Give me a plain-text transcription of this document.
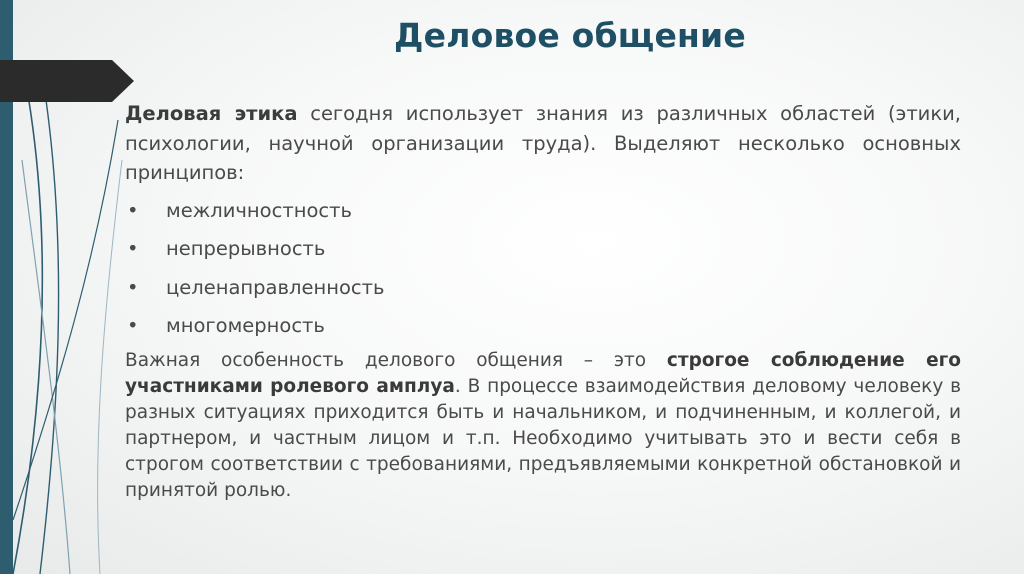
Деловое общение

Деловая этика сегодня использует знания из различных областей (этики, психологии, научной организации труда). Выделяют несколько основных принципов:

• межличностность
• непрерывность
• целенаправленность
• многомерность

Важная особенность делового общения – это строгое соблюдение его участниками ролевого амплуа. В процессе взаимодействия деловому человеку в разных ситуациях приходится быть и начальником, и подчиненным, и коллегой, и партнером, и частным лицом и т.п. Необходимо учитывать это и вести себя в строгом соответствии с требованиями, предъявляемыми конкретной обстановкой и принятой ролью.
